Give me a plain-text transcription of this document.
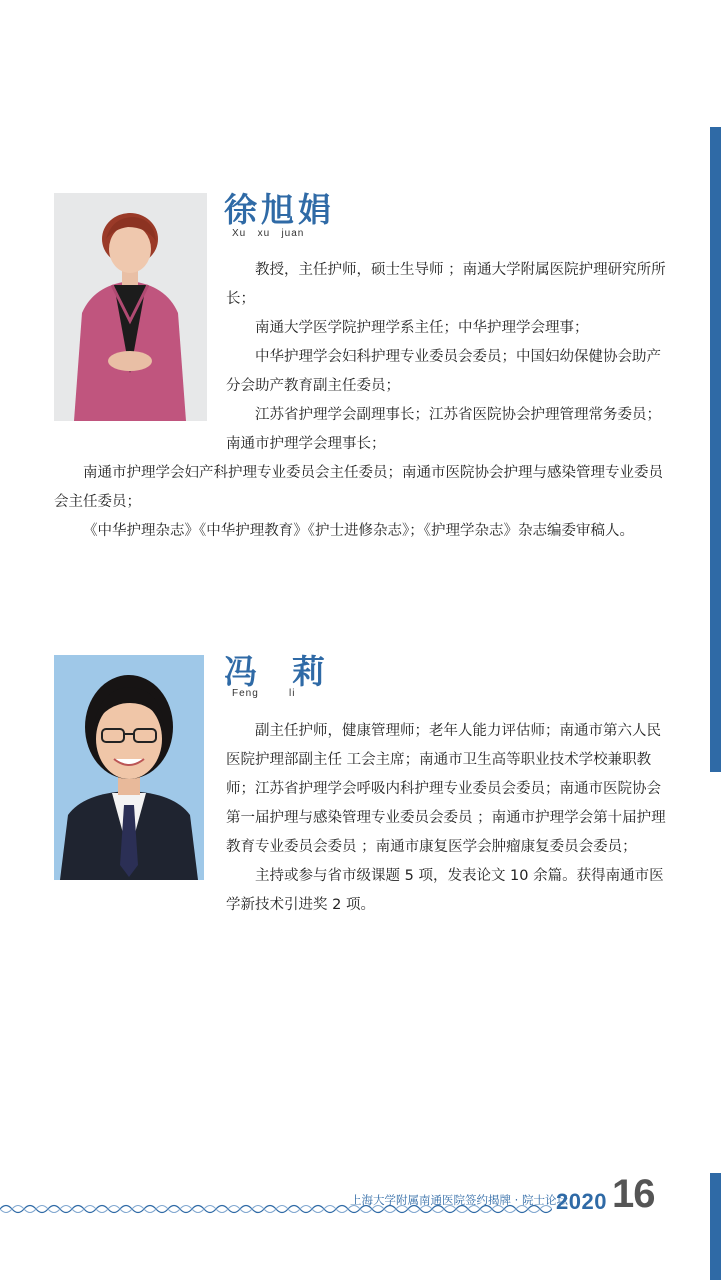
徐旭娟
Xu   xu   juan

教授，主任护师，硕士生导师 ；南通大学附属医院护理研究所所长；

南通大学医学院护理学系主任；中华护理学会理事；

中华护理学会妇科护理专业委员会委员；中国妇幼保健协会助产分会助产教育副主任委员；

江苏省护理学会副理事长；江苏省医院协会护理管理常务委员；南通市护理学会理事长；

南通市护理学会妇产科护理专业委员会主任委员；南通市医院协会护理与感染管理专业委员会主任委员；

《中华护理杂志》《中华护理教育》《护士进修杂志》；《护理学杂志》杂志编委审稿人。

冯  莉
Feng        li

副主任护师，健康管理师；老年人能力评估师；南通市第六人民医院护理部副主任 工会主席；南通市卫生高等职业技术学校兼职教师；江苏省护理学会呼吸内科护理专业委员会委员；南通市医院协会第一届护理与感染管理专业委员会委员 ；南通市护理学会第十届护理教育专业委员会委员 ；南通市康复医学会肿瘤康复委员会委员；

主持或参与省市级课题 5 项，发表论文 10 余篇。获得南通市医学新技术引进奖 2 项。

上海大学附属南通医院签约揭牌 · 院士论坛
2020 16
